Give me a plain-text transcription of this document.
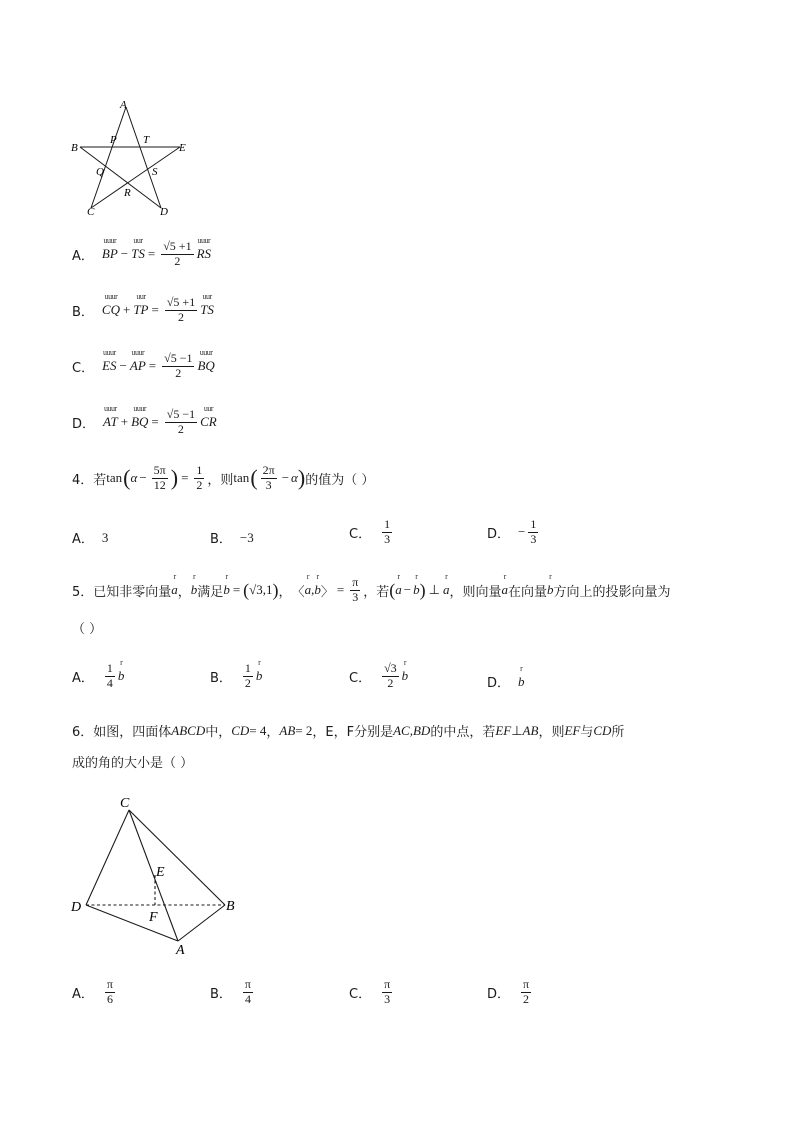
A
B	E
C	D
P T
Q	S
R
A．
uuur
BP −
uur
TS = $\frac{√5 +1}{2}$ uuur
RS
B．
uuur
CQ +
uur
TP = $\frac{√5 +1}{2}$ uur
TS
C．
uuur
ES −
uuur
AP = $\frac{√5 -1}{2}$ uuur
BQ
D．
uuur
AT +
uuur
BQ = $\frac{√5 -1}{2}$ uur
CR
4．若 tan ( $\alpha - \frac{5\pi}{12}$ ) = $\frac{1}{2}$ ，则 tan ( $\frac{2\pi}{3} - \alpha$ ) 的值为（ ）
A． 3	B． −3	C． $\frac{1}{3}$	D． − $\frac{1}{3}$
5．已知非零向量
r
a ，
r
b 满足
r
b = ( √3 ,1 ) ， 〈
r
a ,
r
b 〉 = $\frac{\pi}{3}$ ，若 (
r
a −
r
b ) ⊥
r
a ，则向量
r
a 在向量
r
b 方向上的投影向量为
（ ）
A． $\frac{1}{4}$ r
b	B． $\frac{1}{2}$ r
b	C． $\frac{√3}{2}$ r
b
D．
r
b
6．如图，四面体 ABCD 中， CD = 4 ， AB = 2 ，E，F分别是 AC,BD 的中点，若 EF ⊥ AB ，则 EF 与 CD 所
成的角的大小是（ ）
C
E
D
F
B
A
A． $\frac{\pi}{6}$	B． $\frac{\pi}{4}$	C． $\frac{\pi}{3}$	D． $\frac{\pi}{2}$
